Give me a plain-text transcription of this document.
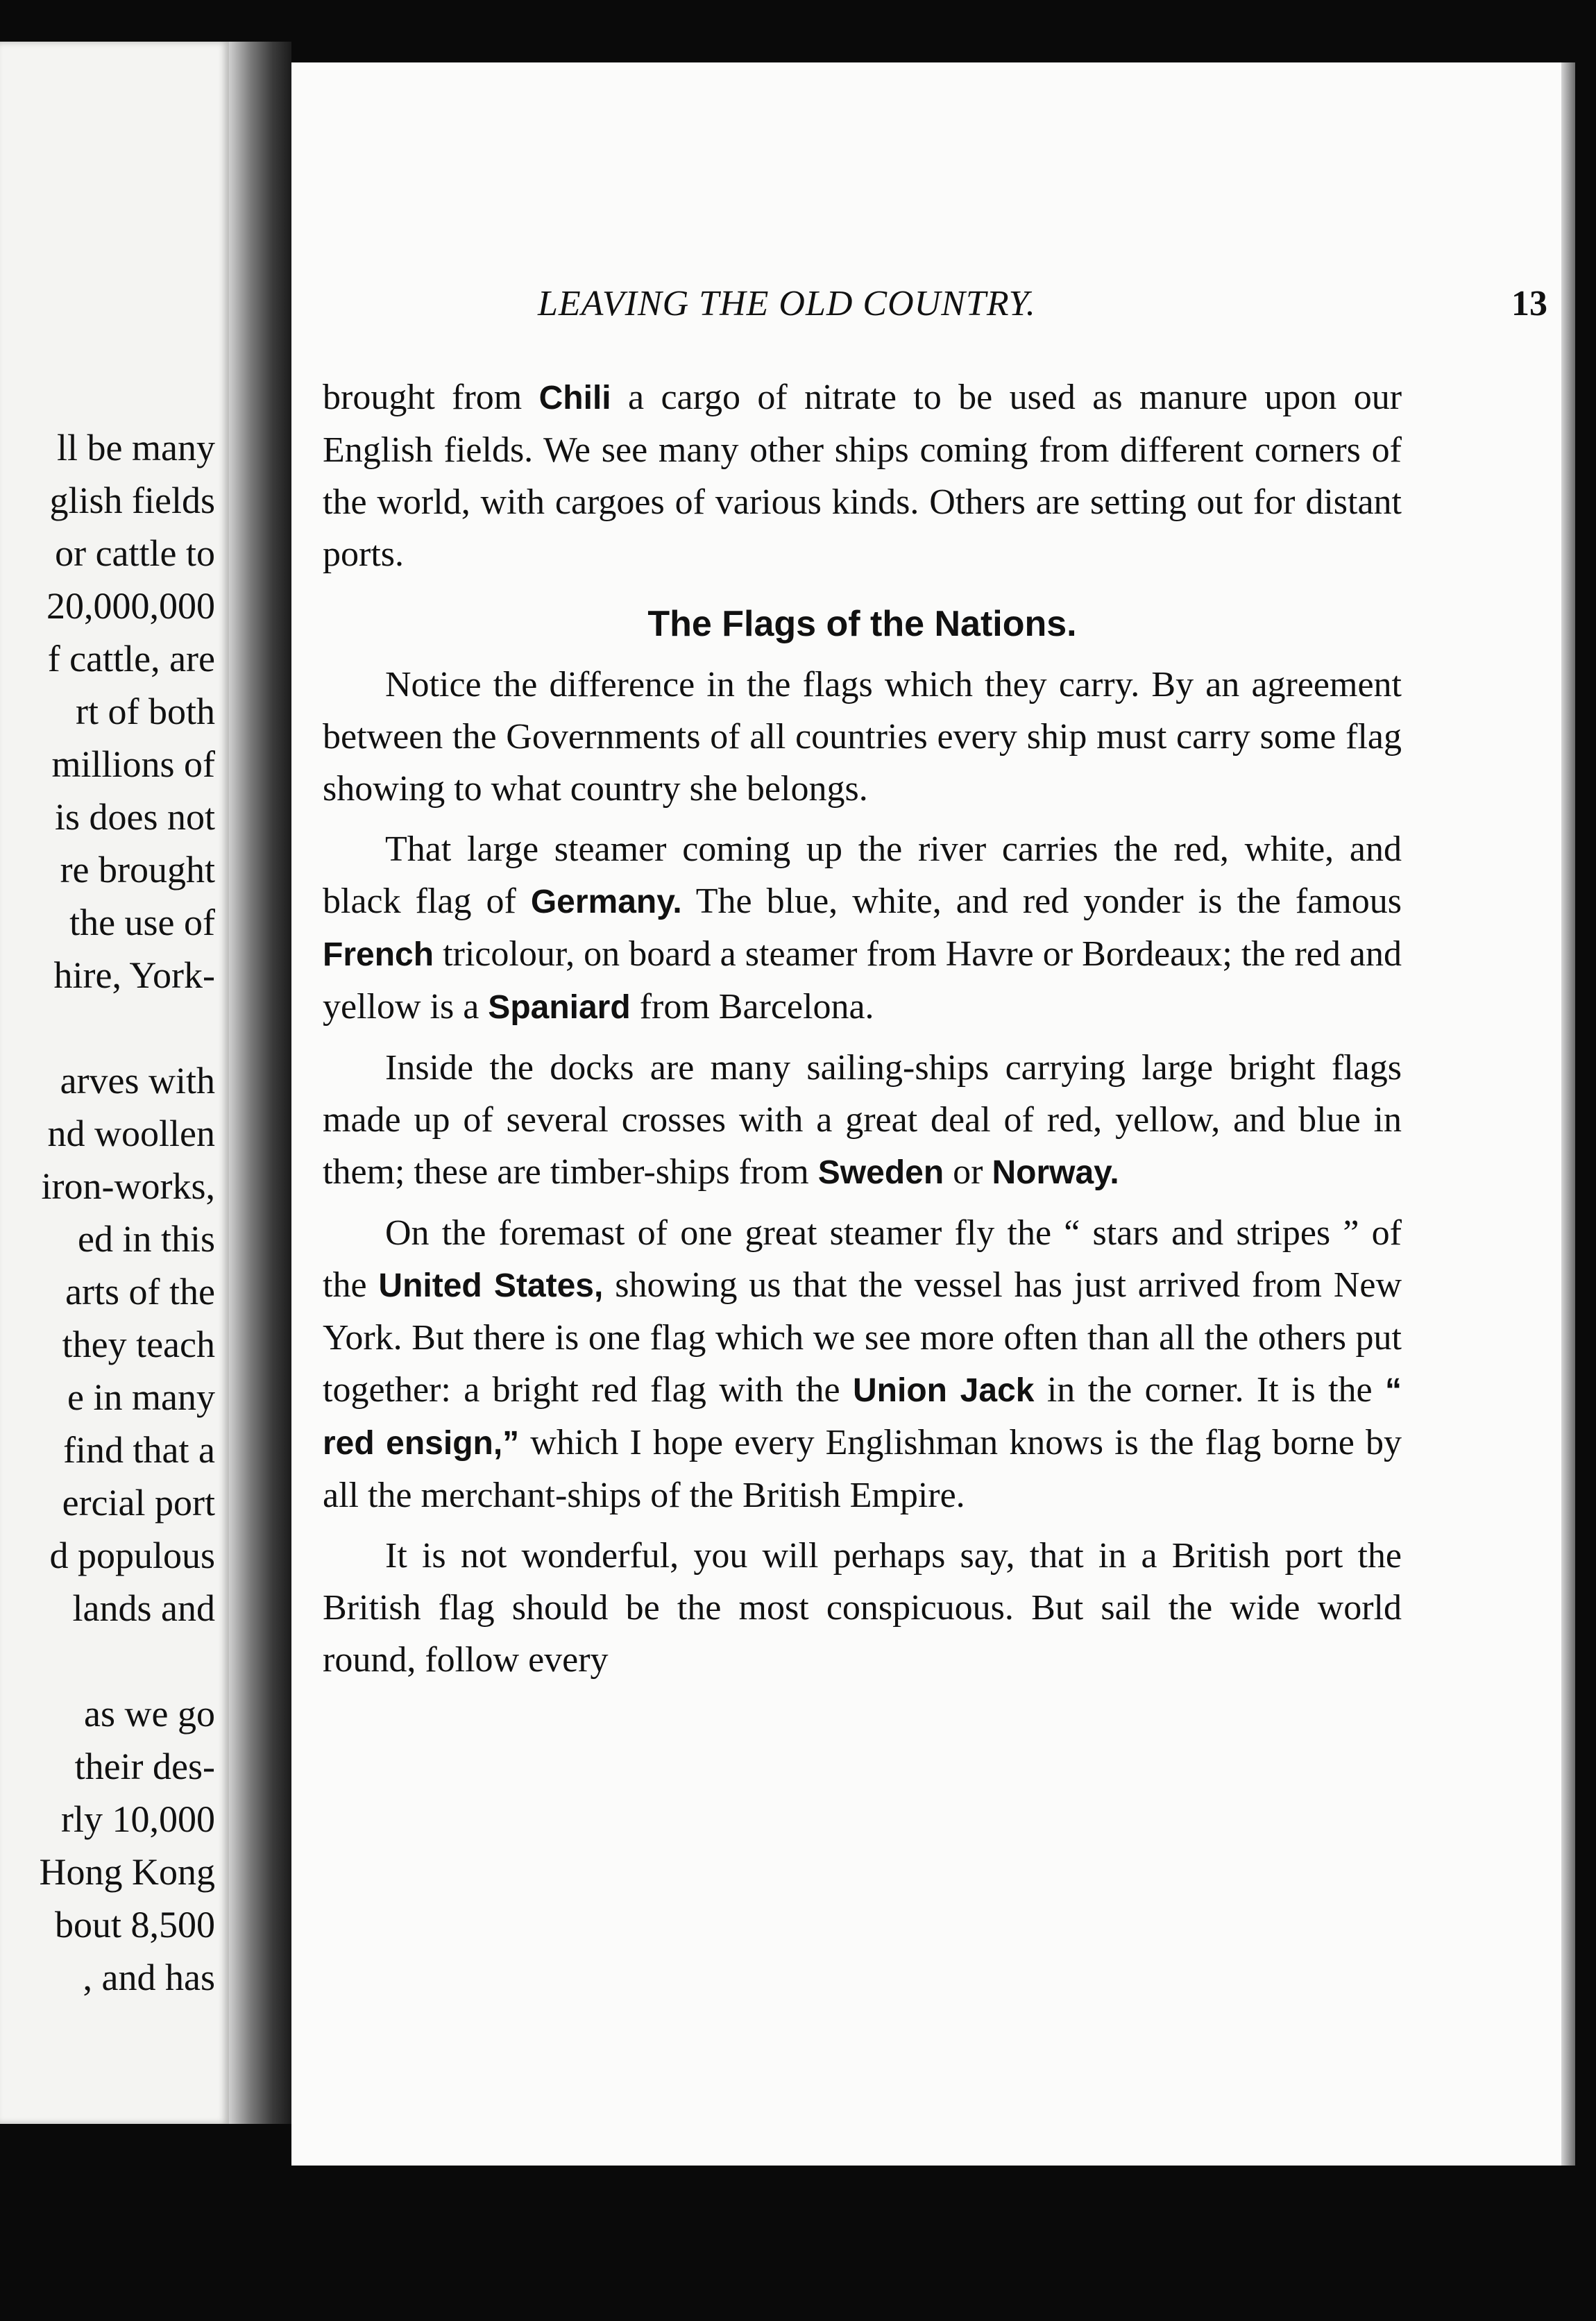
ll be many
glish fields
or cattle to
20,000,000
f cattle, are
rt of both
millions of
is does not
re brought
the use of
hire, York-
arves with
nd woollen
iron-works,
ed in this
arts of the
they teach
e in many
find that a
ercial port
d populous
lands and
as we go
their des-
rly 10,000
Hong Kong
bout 8,500
, and has
LEAVING THE OLD COUNTRY.	13

brought from Chili a cargo of nitrate to be used as manure upon our English fields. We see many other ships coming from different corners of the world, with cargoes of various kinds. Others are setting out for distant ports.

The Flags of the Nations.

Notice the difference in the flags which they carry. By an agreement between the Governments of all countries every ship must carry some flag showing to what country she belongs.

That large steamer coming up the river carries the red, white, and black flag of Germany. The blue, white, and red yonder is the famous French tricolour, on board a steamer from Havre or Bordeaux; the red and yellow is a Spaniard from Barcelona.

Inside the docks are many sailing-ships carrying large bright flags made up of several crosses with a great deal of red, yellow, and blue in them; these are timber-ships from Sweden or Norway.

On the foremast of one great steamer fly the “ stars and stripes ” of the United States, showing us that the vessel has just arrived from New York. But there is one flag which we see more often than all the others put together: a bright red flag with the Union Jack in the corner. It is the “ red ensign,” which I hope every Englishman knows is the flag borne by all the merchant-ships of the British Empire.

It is not wonderful, you will perhaps say, that in a British port the British flag should be the most conspicuous. But sail the wide world round, follow every
